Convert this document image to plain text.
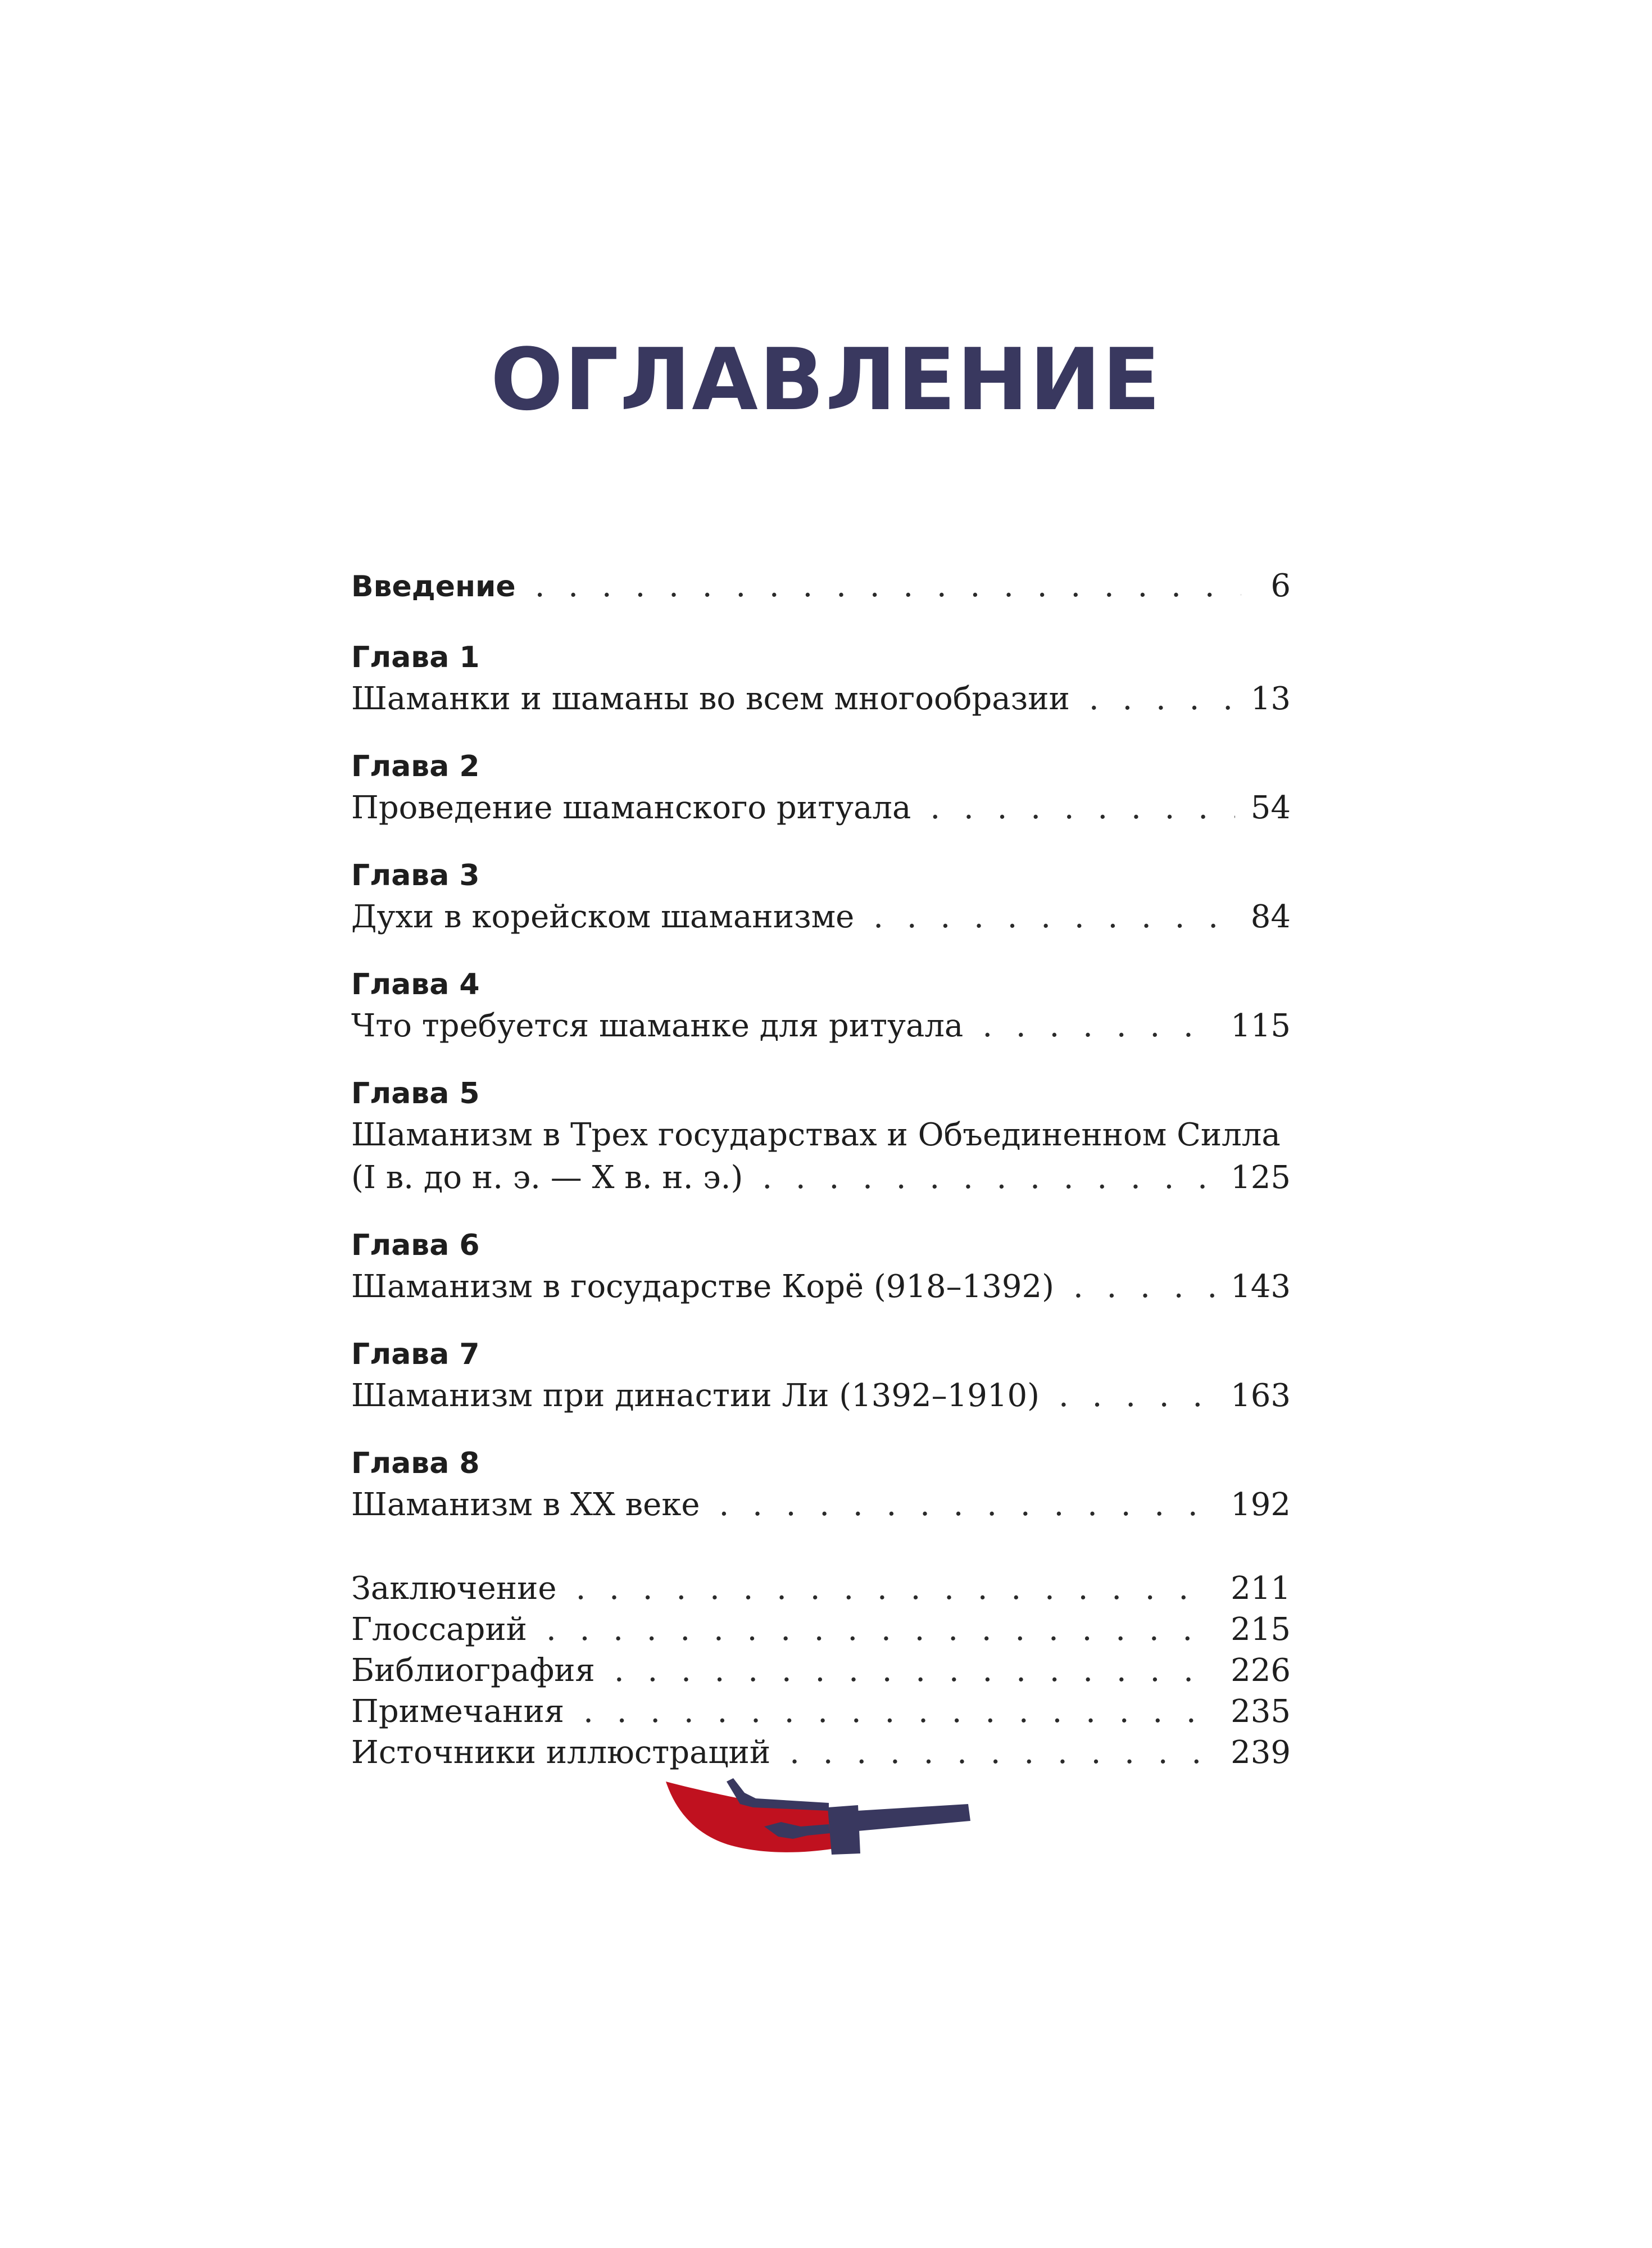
ОГЛАВЛЕНИЕ
Введение . . .	6
Глава 1
Шаманки и шаманы во всем многообразии . . .	13
Глава 2
Проведение шаманского ритуала . . .	54
Глава 3
Духи в корейском шаманизме . . .	84
Глава 4
Что требуется шаманке для ритуала . . .	115
Глава 5
Шаманизм в Трех государствах и Объединенном Силла
(I в. до н. э. — X в. н. э.) . . .	125
Глава 6
Шаманизм в государстве Корё (918–1392) . . .	143
Глава 7
Шаманизм при династии Ли (1392–1910) . . .	163
Глава 8
Шаманизм в XX веке . . .	192
Заключение . . .	211
Глоссарий . . .	215
Библиография . . .	226
Примечания . . .	235
Источники иллюстраций . . .	239
